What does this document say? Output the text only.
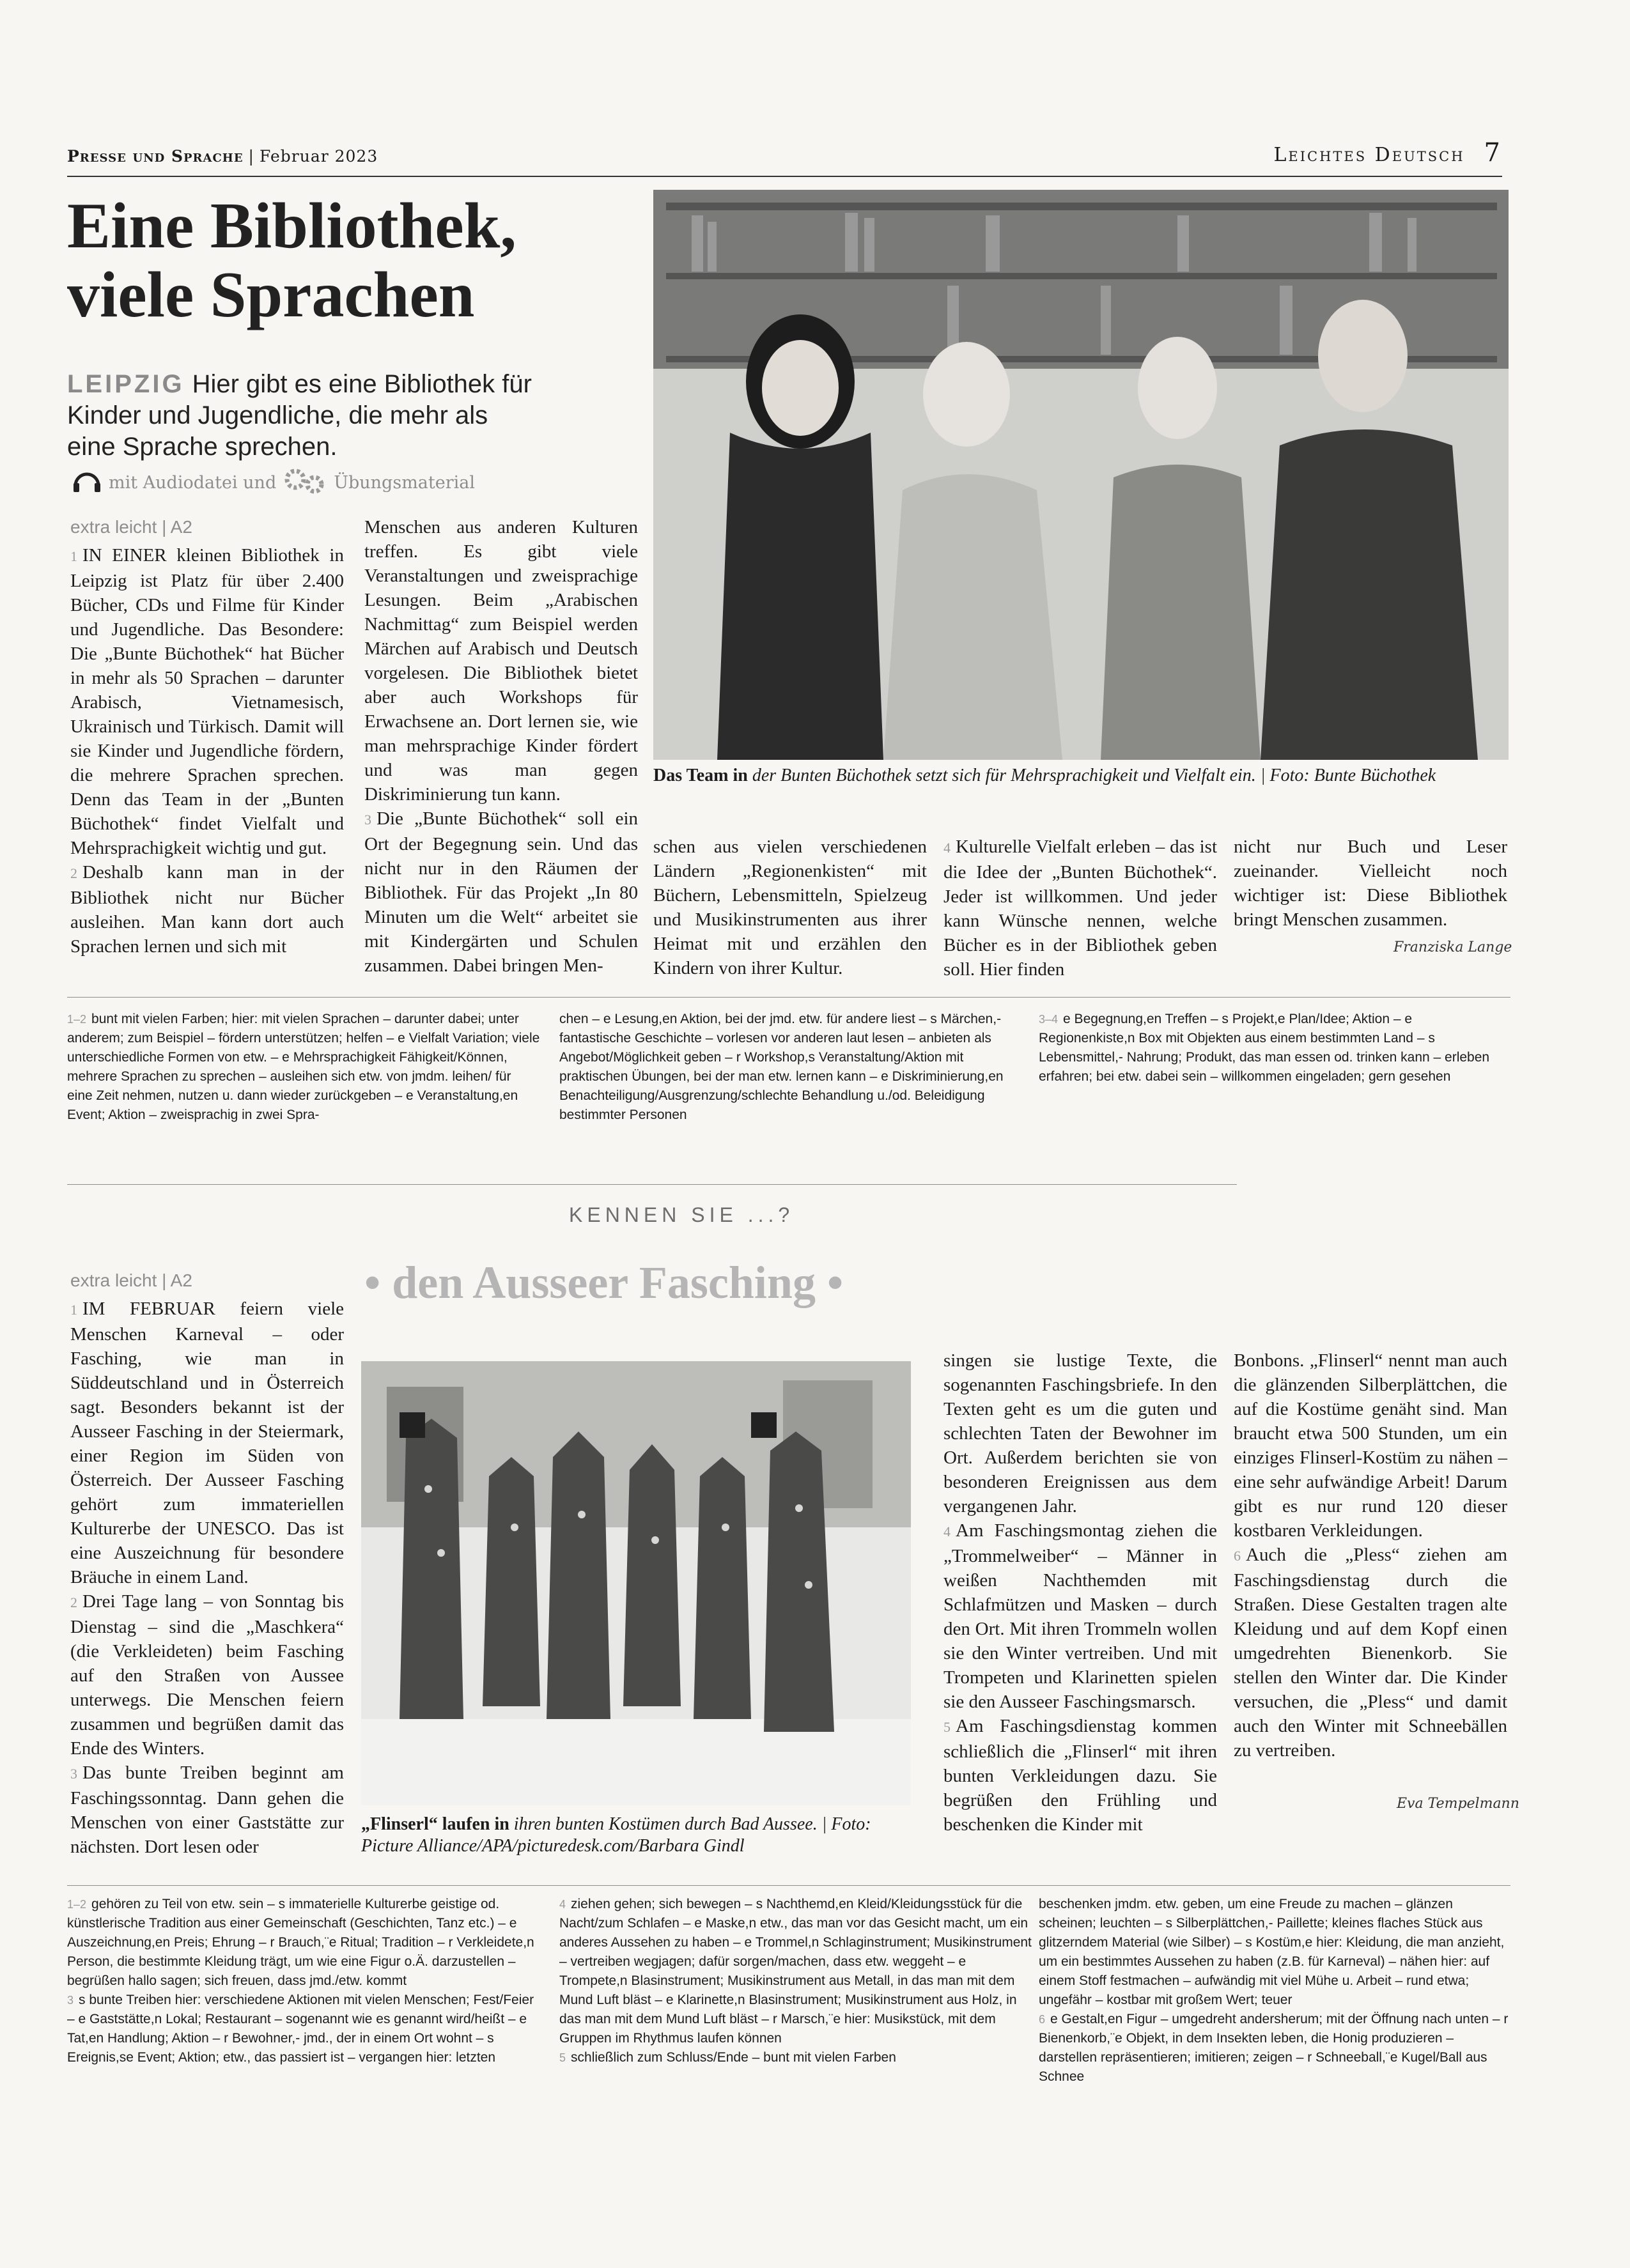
Presse und Sprache | Februar 2023	Leichtes Deutsch 7
Eine Bibliothek,
viele Sprachen
LEIPZIG Hier gibt es eine Bibliothek für Kinder und Jugendliche, die mehr als eine Sprache sprechen.
mit Audiodatei und	Übungsmaterial
Das Team in der Bunten Büchothek setzt sich für Mehrsprachigkeit und Vielfalt ein. | Foto: Bunte Büchothek
extra leicht | A2

1 IN EINER kleinen Bibliothek in Leipzig ist Platz für über 2.400 Bücher, CDs und Filme für Kinder und Jugendliche. Das Besondere: Die „Bunte Büchothek“ hat Bücher in mehr als 50 Sprachen – darunter Arabisch, Vietnamesisch, Ukrainisch und Türkisch. Damit will sie Kinder und Jugendliche fördern, die mehrere Sprachen sprechen. Denn das Team in der „Bunten Büchothek“ findet Vielfalt und Mehrsprachigkeit wichtig und gut.

2 Deshalb kann man in der Bibliothek nicht nur Bücher ausleihen. Man kann dort auch Sprachen lernen und sich mit

Menschen aus anderen Kulturen treffen. Es gibt viele Veranstaltungen und zweisprachige Lesungen. Beim „Arabischen Nachmittag“ zum Beispiel werden Märchen auf Arabisch und Deutsch vorgelesen. Die Bibliothek bietet aber auch Workshops für Erwachsene an. Dort lernen sie, wie man mehrsprachige Kinder fördert und was man gegen Diskriminierung tun kann.

3 Die „Bunte Büchothek“ soll ein Ort der Begegnung sein. Und das nicht nur in den Räumen der Bibliothek. Für das Projekt „In 80 Minuten um die Welt“ arbeitet sie mit Kindergärten und Schulen zusammen. Dabei bringen Men-

schen aus vielen verschiedenen Ländern „Regionenkisten“ mit Büchern, Lebensmitteln, Spielzeug und Musikinstrumenten aus ihrer Heimat mit und erzählen den Kindern von ihrer Kultur.

4 Kulturelle Vielfalt erleben – das ist die Idee der „Bunten Büchothek“. Jeder ist willkommen. Und jeder kann Wünsche nennen, welche Bücher es in der Bibliothek geben soll. Hier finden

nicht nur Buch und Leser zueinander. Vielleicht noch wichtiger ist: Diese Bibliothek bringt Menschen zusammen.

Franziska Lange
1–2 bunt mit vielen Farben; hier: mit vielen Sprachen – darunter dabei; unter anderem; zum Beispiel – fördern unterstützen; helfen – e Vielfalt Variation; viele unterschiedliche Formen von etw. – e Mehrsprachigkeit Fähigkeit/Können, mehrere Sprachen zu sprechen – ausleihen sich etw. von jmdm. leihen/ für eine Zeit nehmen, nutzen u. dann wieder zurückgeben – e Veranstaltung,en Event; Aktion – zweisprachig in zwei Spra-
chen – e Lesung,en Aktion, bei der jmd. etw. für andere liest – s Märchen,- fantastische Geschichte – vorlesen vor anderen laut lesen – anbieten als Angebot/Möglichkeit geben – r Workshop,s Veranstaltung/Aktion mit praktischen Übungen, bei der man etw. lernen kann – e Diskriminierung,en Benachteiligung/Ausgrenzung/schlechte Behandlung u./od. Beleidigung bestimmter Personen
3–4 e Begegnung,en Treffen – s Projekt,e Plan/Idee; Aktion – e Regionenkiste,n Box mit Objekten aus einem bestimmten Land – s Lebensmittel,- Nahrung; Produkt, das man essen od. trinken kann – erleben erfahren; bei etw. dabei sein – willkommen eingeladen; gern gesehen
KENNEN SIE ...?
• den Ausseer Fasching •
extra leicht | A2

1 IM FEBRUAR feiern viele Menschen Karneval – oder Fasching, wie man in Süddeutschland und in Österreich sagt. Besonders bekannt ist der Ausseer Fasching in der Steiermark, einer Region im Süden von Österreich. Der Ausseer Fasching gehört zum immateriellen Kulturerbe der UNESCO. Das ist eine Auszeichnung für besondere Bräuche in einem Land.

2 Drei Tage lang – von Sonntag bis Dienstag – sind die „Maschkera“ (die Verkleideten) beim Fasching auf den Straßen von Aussee unterwegs. Die Menschen feiern zusammen und begrüßen damit das Ende des Winters.

3 Das bunte Treiben beginnt am Faschingssonntag. Dann gehen die Menschen von einer Gaststätte zur nächsten. Dort lesen oder

„Flinserl“ laufen in ihren bunten Kostümen durch Bad Aussee. | Foto: Picture Alliance/APA/picturedesk.com/Barbara Gindl

singen sie lustige Texte, die sogenannten Faschingsbriefe. In den Texten geht es um die guten und schlechten Taten der Bewohner im Ort. Außerdem berichten sie von besonderen Ereignissen aus dem vergangenen Jahr.

4 Am Faschingsmontag ziehen die „Trommelweiber“ – Männer in weißen Nachthemden mit Schlafmützen und Masken – durch den Ort. Mit ihren Trommeln wollen sie den Winter vertreiben. Und mit Trompeten und Klarinetten spielen sie den Ausseer Faschingsmarsch.

5 Am Faschingsdienstag kommen schließlich die „Flinserl“ mit ihren bunten Verkleidungen dazu. Sie begrüßen den Frühling und beschenken die Kinder mit

Bonbons. „Flinserl“ nennt man auch die glänzenden Silberplättchen, die auf die Kostüme genäht sind. Man braucht etwa 500 Stunden, um ein einziges Flinserl-Kostüm zu nähen – eine sehr aufwändige Arbeit! Darum gibt es nur rund 120 dieser kostbaren Verkleidungen.

6 Auch die „Pless“ ziehen am Faschingsdienstag durch die Straßen. Diese Gestalten tragen alte Kleidung und auf dem Kopf einen umgedrehten Bienenkorb. Sie stellen den Winter dar. Die Kinder versuchen, die „Pless“ und damit auch den Winter mit Schneebällen zu vertreiben.

Eva Tempelmann
1–2 gehören zu Teil von etw. sein – s immaterielle Kulturerbe geistige od. künstlerische Tradition aus einer Gemeinschaft (Geschichten, Tanz etc.) – e Auszeichnung,en Preis; Ehrung – r Brauch,¨e Ritual; Tradition – r Verkleidete,n Person, die bestimmte Kleidung trägt, um wie eine Figur o.Ä. darzustellen – begrüßen hallo sagen; sich freuen, dass jmd./etw. kommt
3 s bunte Treiben hier: verschiedene Aktionen mit vielen Menschen; Fest/Feier – e Gaststätte,n Lokal; Restaurant – sogenannt wie es genannt wird/heißt – e Tat,en Handlung; Aktion – r Bewohner,- jmd., der in einem Ort wohnt – s Ereignis,se Event; Aktion; etw., das passiert ist – vergangen hier: letzten
4 ziehen gehen; sich bewegen – s Nachthemd,en Kleid/Kleidungsstück für die Nacht/zum Schlafen – e Maske,n etw., das man vor das Gesicht macht, um ein anderes Aussehen zu haben – e Trommel,n Schlaginstrument; Musikinstrument – vertreiben wegjagen; dafür sorgen/machen, dass etw. weggeht – e Trompete,n Blasinstrument; Musikinstrument aus Metall, in das man mit dem Mund Luft bläst – e Klarinette,n Blasinstrument; Musikinstrument aus Holz, in das man mit dem Mund Luft bläst – r Marsch,¨e hier: Musikstück, mit dem Gruppen im Rhythmus laufen können
5 schließlich zum Schluss/Ende – bunt mit vielen Farben
beschenken jmdm. etw. geben, um eine Freude zu machen – glänzen scheinen; leuchten – s Silberplättchen,- Paillette; kleines flaches Stück aus glitzerndem Material (wie Silber) – s Kostüm,e hier: Kleidung, die man anzieht, um ein bestimmtes Aussehen zu haben (z.B. für Karneval) – nähen hier: auf einem Stoff festmachen – aufwändig mit viel Mühe u. Arbeit – rund etwa; ungefähr – kostbar mit großem Wert; teuer
6 e Gestalt,en Figur – umgedreht andersherum; mit der Öffnung nach unten – r Bienenkorb,¨e Objekt, in dem Insekten leben, die Honig produzieren – darstellen repräsentieren; imitieren; zeigen – r Schneeball,¨e Kugel/Ball aus Schnee
